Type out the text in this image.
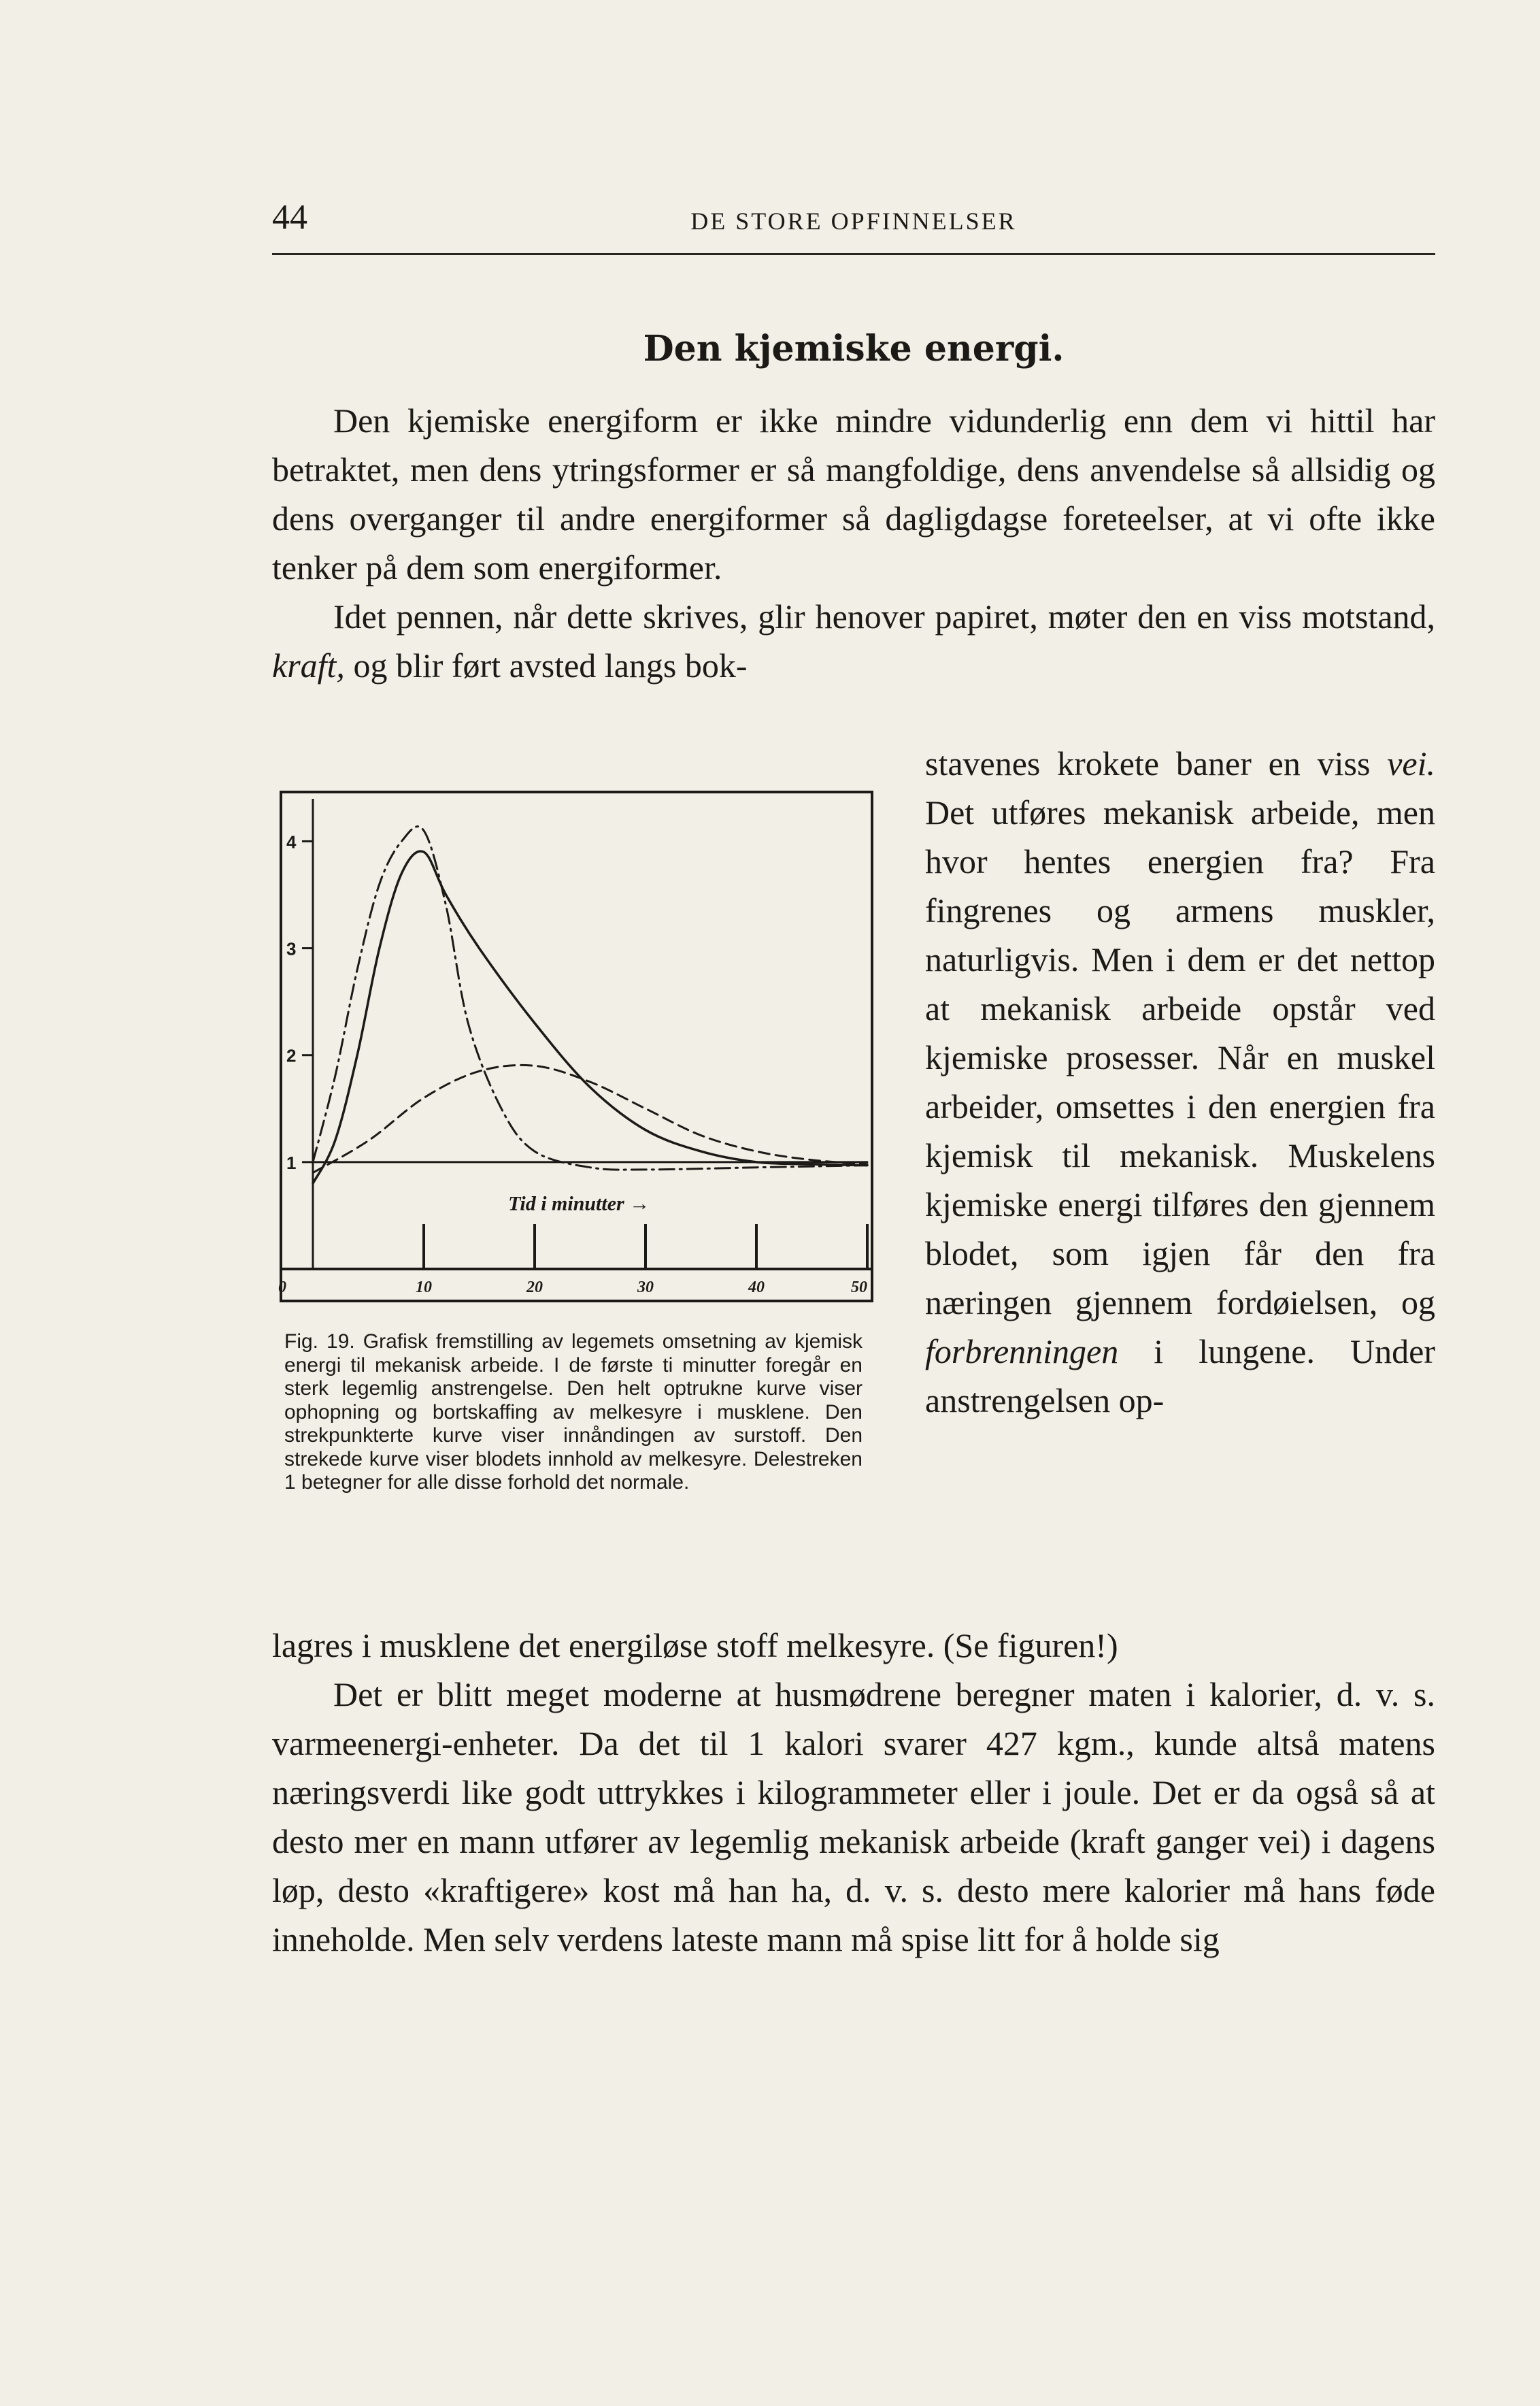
44	DE STORE OPFINNELSER
Den kjemiske energi.

Den kjemiske energiform er ikke mindre vidunderlig enn dem vi hittil har betraktet, men dens ytringsformer er så mangfoldige, dens anvendelse så allsidig og dens overganger til andre energiformer så dagligdagse foreteelser, at vi ofte ikke tenker på dem som energiformer.

Idet pennen, når dette skrives, glir henover papiret, møter den en viss motstand, kraft, og blir ført avsted langs bok-

stavenes krokete baner en viss vei. Det utføres mekanisk arbeide, men hvor hentes energien fra? Fra fingrenes og armens muskler, naturligvis. Men i dem er det nettop at mekanisk arbeide opstår ved kjemiske prosesser. Når en muskel arbeider, omsettes i den energien fra kjemisk til mekanisk. Muskelens kjemiske energi tilføres den gjennem blodet, som igjen får den fra næringen gjennem fordøielsen, og forbrenningen i lungene. Under anstrengelsen op-

1
2
3
4
0	10	20	30	40	50
Tid i minutter →

Fig. 19. Grafisk fremstilling av legemets omsetning av kjemisk energi til mekanisk arbeide. I de første ti minutter foregår en sterk legemlig anstrengelse. Den helt optrukne kurve viser ophopning og bortskaffing av melkesyre i musklene. Den strekpunkterte kurve viser innåndingen av surstoff. Den strekede kurve viser blodets innhold av melkesyre. Delestreken 1 betegner for alle disse forhold det normale.

lagres i musklene det energiløse stoff melkesyre. (Se figuren!)

Det er blitt meget moderne at husmødrene beregner maten i kalorier, d. v. s. varmeenergi-enheter. Da det til 1 kalori svarer 427 kgm., kunde altså matens næringsverdi like godt uttrykkes i kilogrammeter eller i joule. Det er da også så at desto mer en mann utfører av legemlig mekanisk arbeide (kraft ganger vei) i dagens løp, desto «kraftigere» kost må han ha, d. v. s. desto mere kalorier må hans føde inneholde. Men selv verdens lateste mann må spise litt for å holde sig
